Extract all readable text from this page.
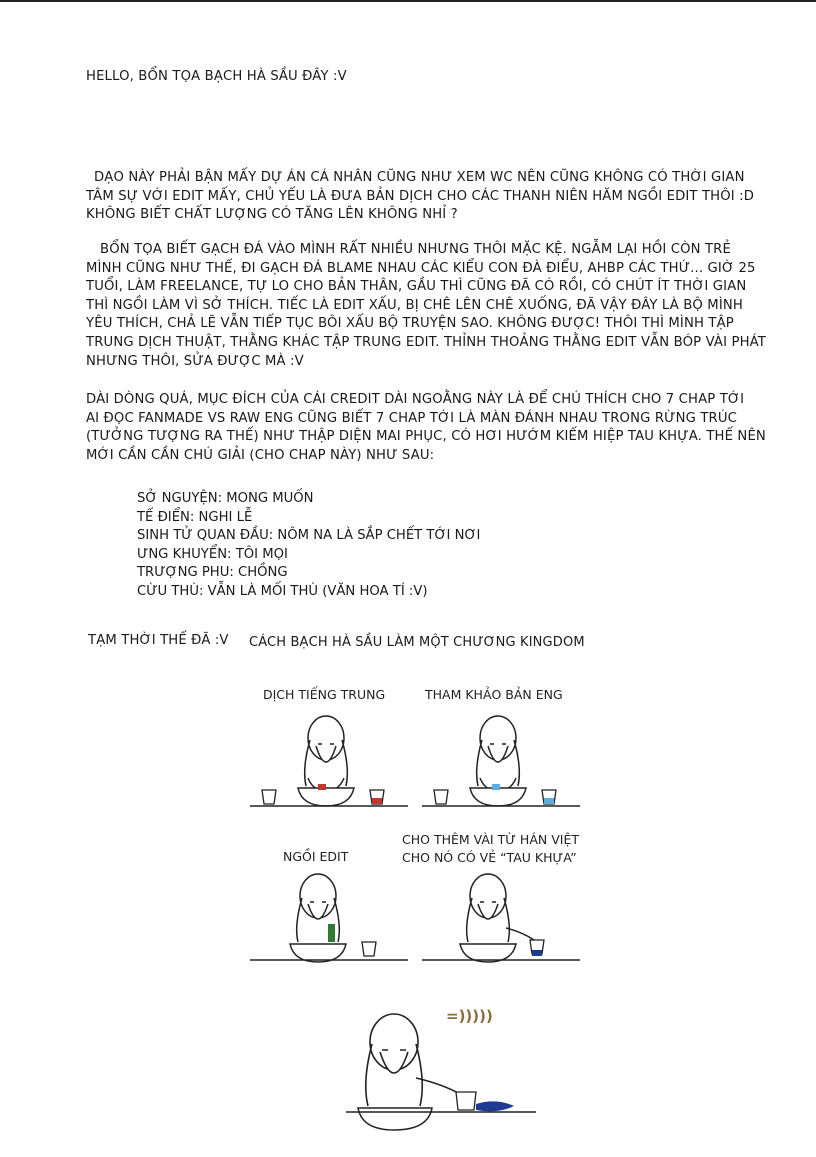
HELLO, BỔN TỌA BẠCH HÀ SẦU ĐÂY :V
DẠO NÀY PHẢI BẬN MẤY DỰ ÁN CÁ NHÂN CŨNG NHƯ XEM WC NÊN CŨNG KHÔNG CÓ THỜI GIAN
TÂM SỰ VỚI EDIT MẤY, CHỦ YẾU LÀ ĐƯA BẢN DỊCH CHO CÁC THANH NIÊN HĂM NGỒI EDIT THÔI :D
KHÔNG BIẾT CHẤT LƯỢNG CÓ TĂNG LÊN KHÔNG NHỈ ?
BỔN TỌA BIẾT GẠCH ĐÁ VÀO MÌNH RẤT NHIỀU NHƯNG THÔI MẶC KỆ. NGẪM LẠI HỒI CÒN TRẺ
MÌNH CŨNG NHƯ THẾ, ĐI GẠCH ĐÁ BLAME NHAU CÁC KIỂU CON ĐÀ ĐIỂU, AHBP CÁC THỨ... GIỜ 25
TUỔI, LÀM FREELANCE, TỰ LO CHO BẢN THÂN, GẦU THÌ CŨNG ĐÃ CÓ RỒI, CÓ CHÚT ÍT THỜI GIAN
THÌ NGỒI LÀM VÌ SỞ THÍCH. TIẾC LÀ EDIT XẤU, BỊ CHÊ LÊN CHÊ XUỐNG, ĐÃ VẬY ĐÂY LÀ BỘ MÌNH
YÊU THÍCH, CHẢ LẼ VẪN TIẾP TỤC BÔI XẤU BỘ TRUYỆN SAO. KHÔNG ĐƯỢC! THÔI THÌ MÌNH TẬP
TRUNG DỊCH THUẬT, THẰNG KHÁC TẬP TRUNG EDIT. THỈNH THOẢNG THẰNG EDIT VẪN BÓP VÀI PHÁT
NHƯNG THÔI, SỬA ĐƯỢC MÀ :V
DÀI DÒNG QUÁ, MỤC ĐÍCH CỦA CÁI CREDIT DÀI NGOẰNG NÀY LÀ ĐỂ CHÚ THÍCH CHO 7 CHAP TỚI
AI ĐỌC FANMADE VS RAW ENG CŨNG BIẾT 7 CHAP TỚI LÀ MÀN ĐÁNH NHAU TRONG RỪNG TRÚC
(TƯỞNG TƯỢNG RA THẾ) NHƯ THẬP DIỆN MAI PHỤC, CÓ HƠI HƯỚM KIẾM HIỆP TAU KHỰA. THẾ NÊN
MỚI CẦN CẦN CHÚ GIẢI (CHO CHAP NÀY) NHƯ SAU:
SỞ NGUYỆN: MONG MUỐN
TẾ ĐIỂN: NGHI LỄ
SINH TỬ QUAN ĐẦU: NÔM NA LÀ SẮP CHẾT TỚI NƠI
ƯNG KHUYỂN: TÔI MỌI
TRƯỢNG PHU: CHỒNG
CỪU THÙ: VẪN LÀ MỐI THÙ (VĂN HOA TÍ :V)
TẠM THỜI THẾ ĐÃ :V CÁCH BẠCH HÀ SẦU LÀM MỘT CHƯƠNG KINGDOM
DỊCH TIẾNG TRUNG	THAM KHẢO BẢN ENG
NGỒI EDIT
CHO THÊM VÀI TỪ HÁN VIỆT
CHO NÓ CÓ VẺ “TAU KHỰA”
=)))))
